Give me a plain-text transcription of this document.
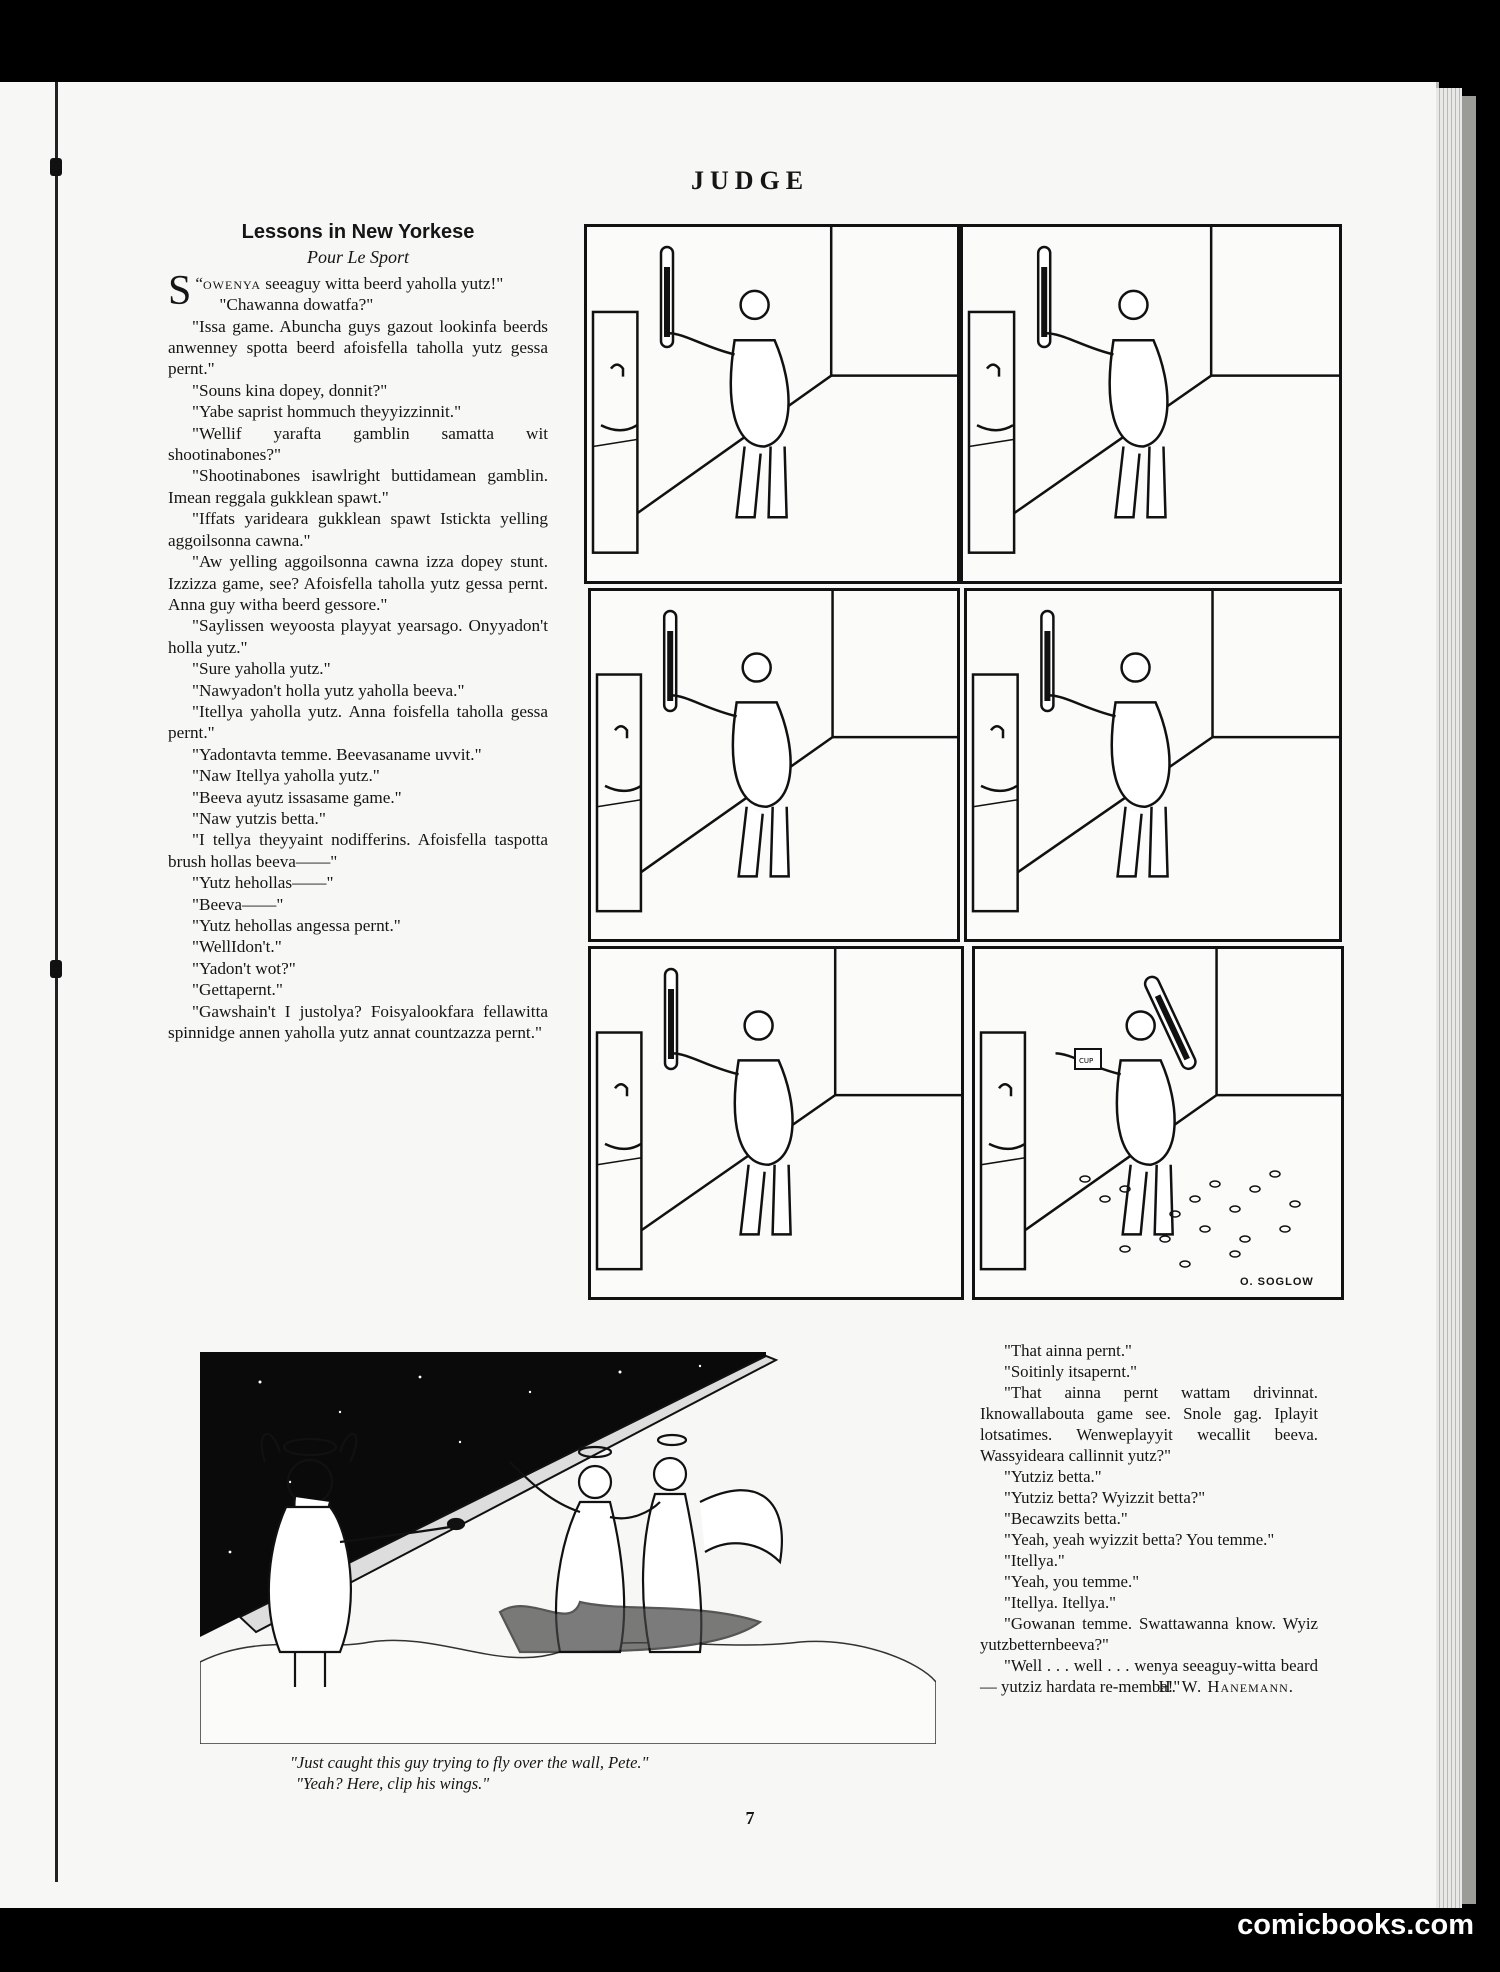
JUDGE
Lessons in New Yorkese
Pour Le Sport

“
S owenya seeaguy witta beerd yaholla yutz!"

"Chawanna dowatfa?"

"Issa game. Abuncha guys gazout lookinfa beerds anwenney spotta beerd afoisfella taholla yutz gessa pernt."

"Souns kina dopey, donnit?"

"Yabe saprist hommuch theyyizzinnit."

"Wellif yarafta gamblin samatta wit shootinabones?"

"Shootinabones isawlright buttidamean gamblin. Imean reggala gukklean spawt."

"Iffats yarideara gukklean spawt Istickta yelling aggoilsonna cawna."

"Aw yelling aggoilsonna cawna izza dopey stunt. Izzizza game, see? Afoisfella taholla yutz gessa pernt. Anna guy witha beerd gessore."

"Saylissen weyoosta playyat yearsago. Onyyadon't holla yutz."

"Sure yaholla yutz."

"Nawyadon't holla yutz yaholla beeva."

"Itellya yaholla yutz. Anna foisfella taholla gessa pernt."

"Yadontavta temme. Beevasaname uvvit."

"Naw Itellya yaholla yutz."

"Beeva ayutz issasame game."

"Naw yutzis betta."

"I tellya theyyaint nodifferins. Afoisfella taspotta brush hollas beeva——"

"Yutz hehollas——"

"Beeva——"

"Yutz hehollas angessa pernt."

"WellIdon't."

"Yadon't wot?"

"Gettapernt."

"Gawshain't I justolya? Foisyalookfara fellawitta spinnidge annen yaholla yutz annat countzazza pernt."

"That ainna pernt."

"Soitinly itsapernt."

"That ainna pernt wattam drivinnat. Iknowallabouta game see. Snole gag. Iplayit lotsatimes. Wenweplayyit wecallit beeva. Wassyideara callinnit yutz?"

"Yutziz betta."

"Yutziz betta? Wyizzit betta?"

"Becawzits betta."

"Yeah, yeah wyizzit betta? You temme."

"Itellya."

"Yeah, you temme."

"Itellya. Itellya."

"Gowanan temme. Swattawanna know. Wyiz yutzbetternbeeva?"

"Well . . . well . . . wenya seeaguy-witta beard — yutziz hardata re-memba!"

H. W. Hanemann.

CUP
O. SOGLOW
"Just caught this guy trying to fly over the wall, Pete."
"Yeah? Here, clip his wings."
7
comicbooks.com
